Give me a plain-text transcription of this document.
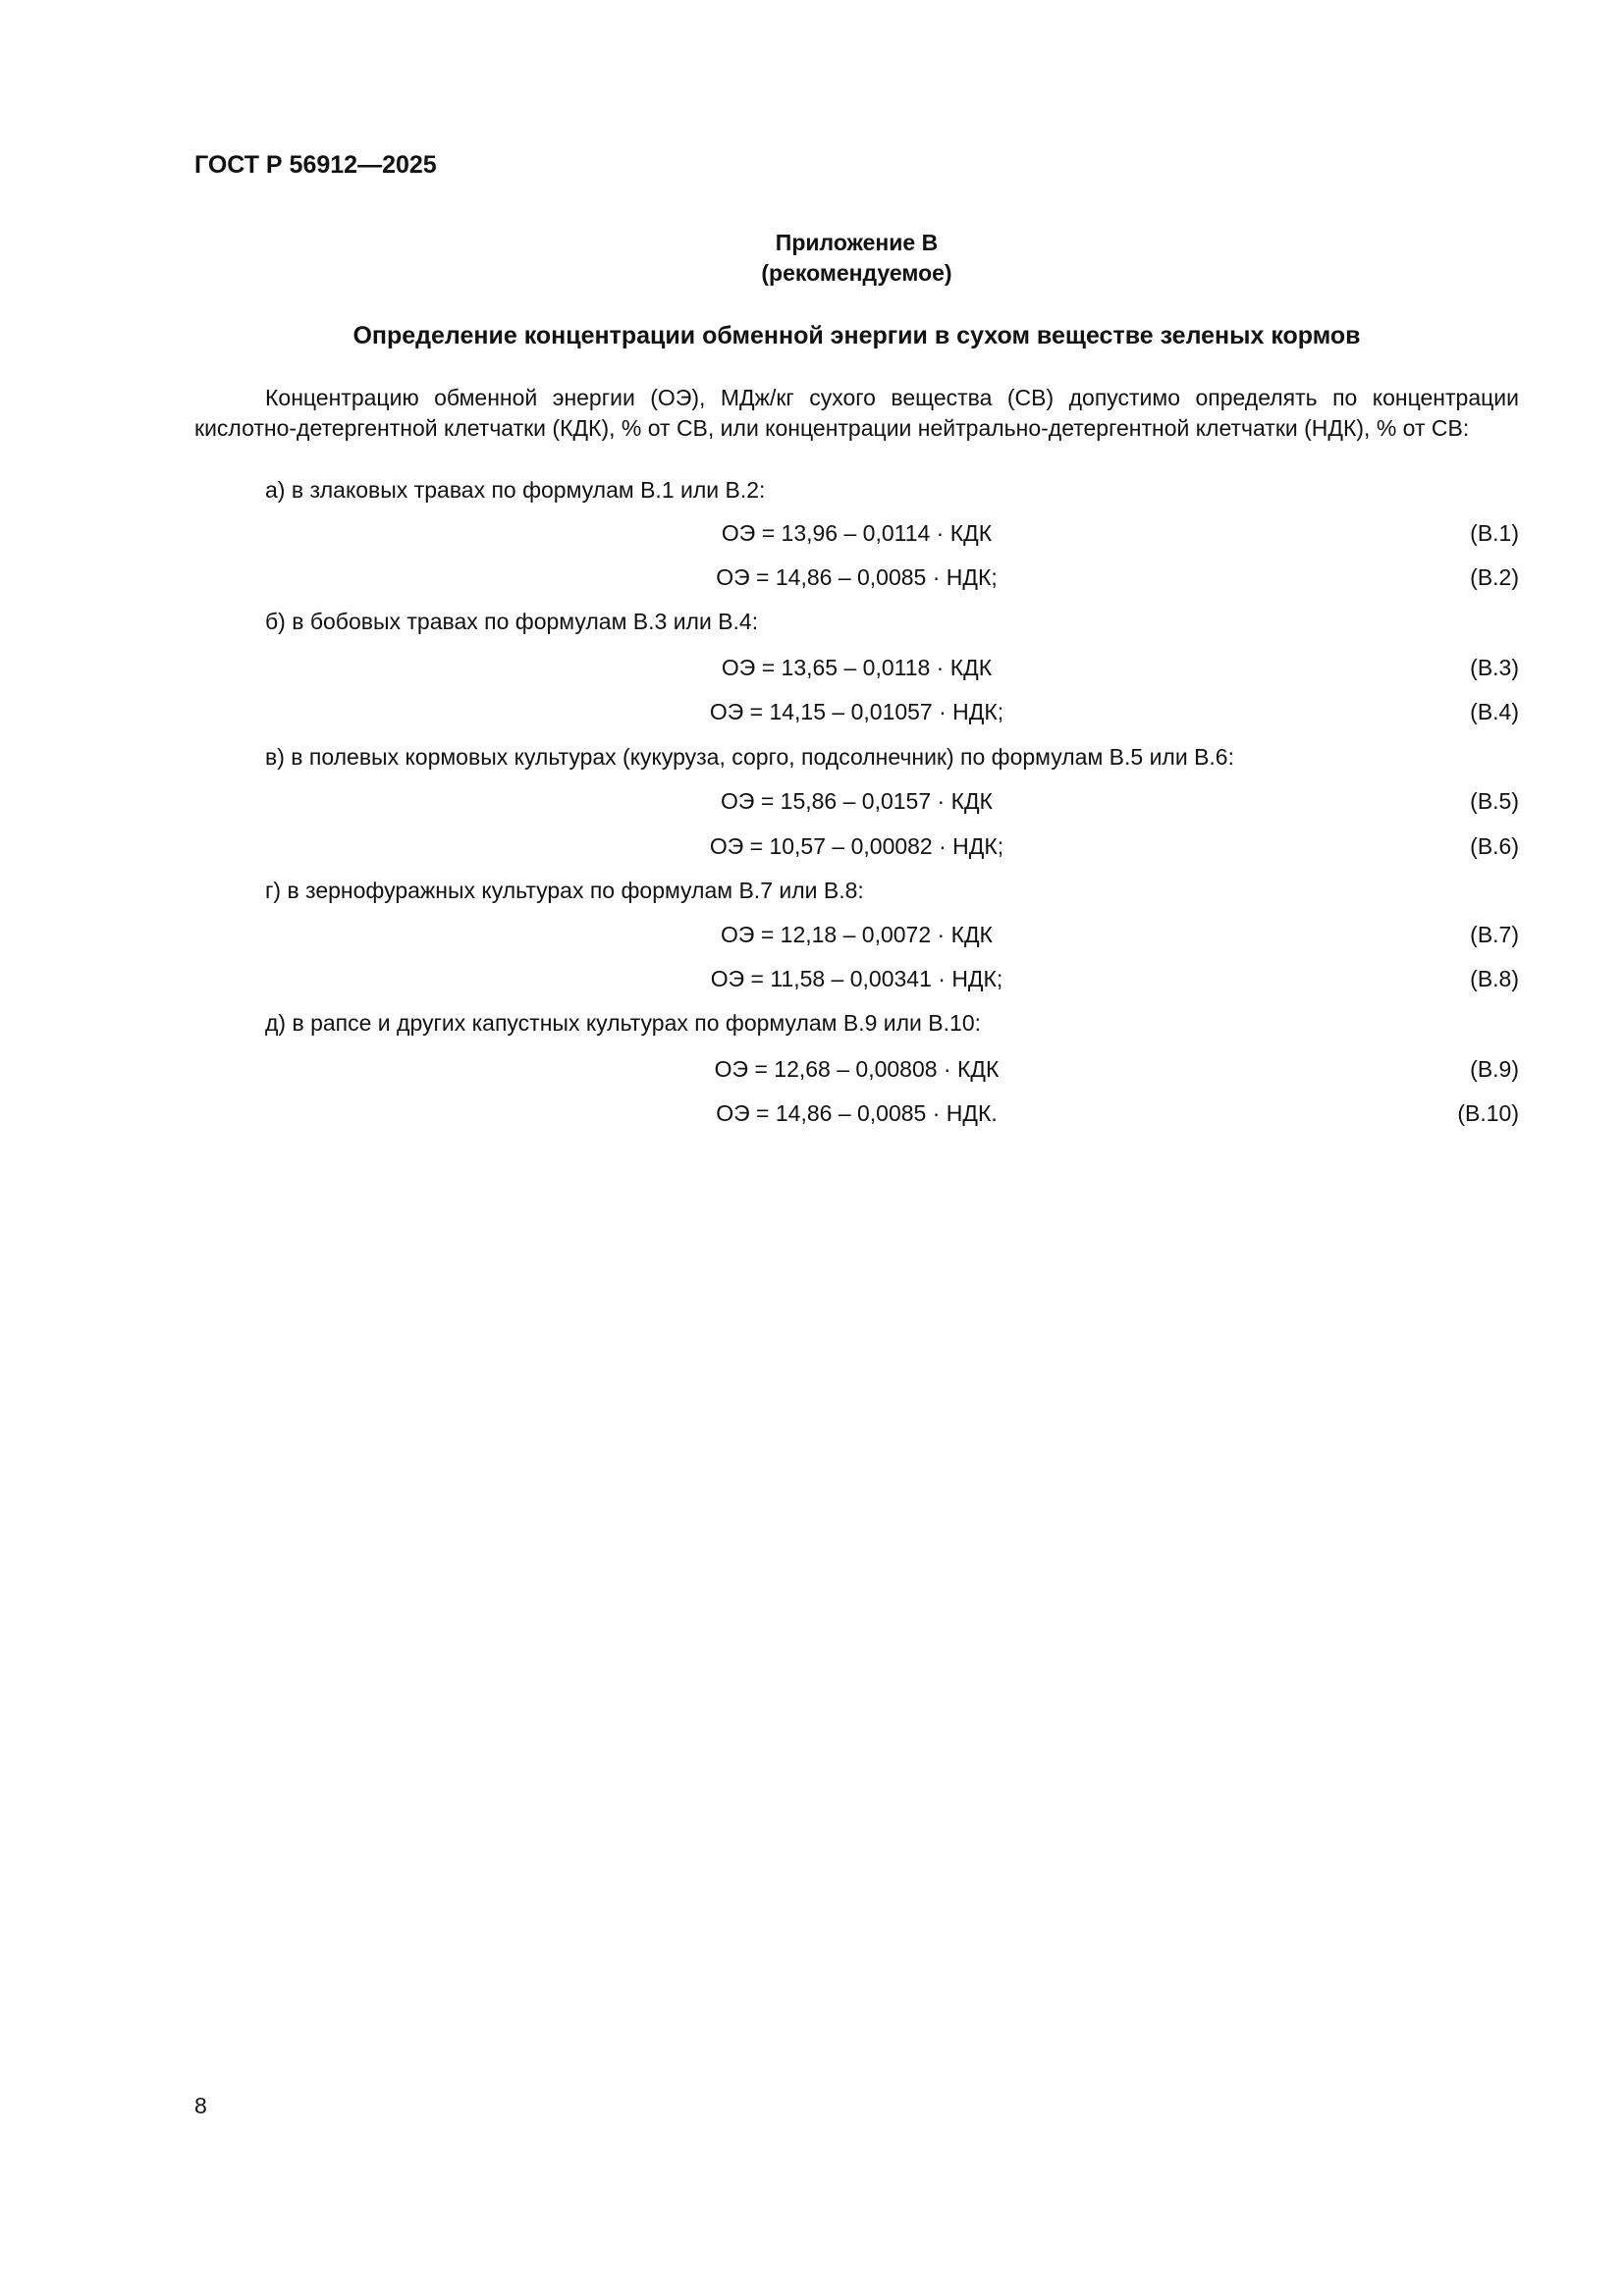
ГОСТ Р 56912—2025
Приложение В
(рекомендуемое)
Определение концентрации обменной энергии в сухом веществе зеленых кормов
Концентрацию обменной энергии (ОЭ), МДж/кг сухого вещества (СВ) допустимо определять по концентрации кислотно-детергентной клетчатки (КДК), % от СВ, или концентрации нейтрально-детергентной клетчатки (НДК), % от СВ:
а) в злаковых травах по формулам В.1 или В.2:
ОЭ = 13,96 – 0,0114 · КДК	(В.1)
ОЭ = 14,86 – 0,0085 · НДК;	(В.2)
б) в бобовых травах по формулам В.3 или В.4:
ОЭ = 13,65 – 0,0118 · КДК	(В.3)
ОЭ = 14,15 – 0,01057 · НДК;	(В.4)
в) в полевых кормовых культурах (кукуруза, сорго, подсолнечник) по формулам В.5 или В.6:
ОЭ = 15,86 – 0,0157 · КДК	(В.5)
ОЭ = 10,57 – 0,00082 · НДК;	(В.6)
г) в зернофуражных культурах по формулам В.7 или В.8:
ОЭ = 12,18 – 0,0072 · КДК	(В.7)
ОЭ = 11,58 – 0,00341 · НДК;	(В.8)
д) в рапсе и других капустных культурах по формулам В.9 или В.10:
ОЭ = 12,68 – 0,00808 · КДК	(В.9)
ОЭ = 14,86 – 0,0085 · НДК.	(В.10)
8
